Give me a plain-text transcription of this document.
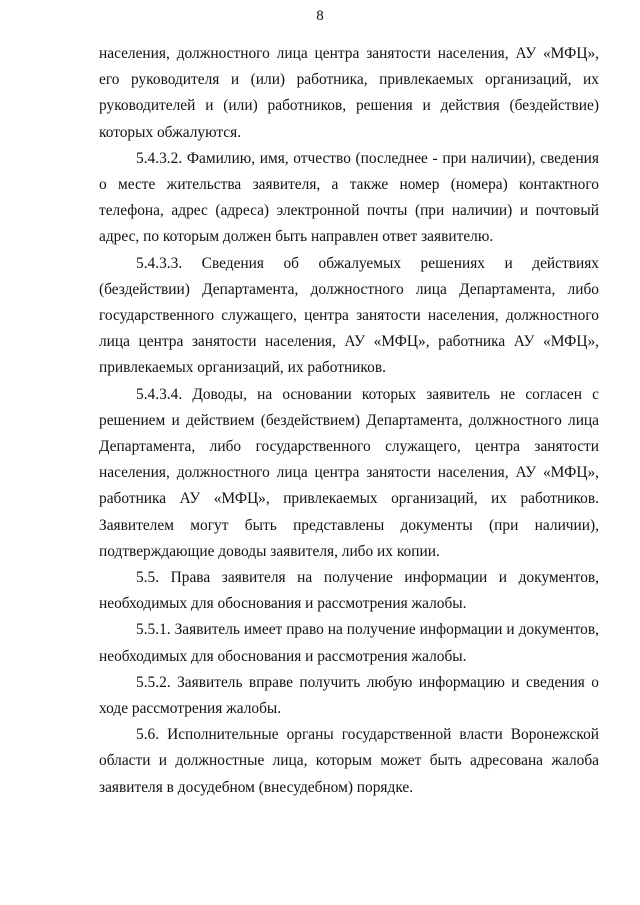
8

населения, должностного лица центра занятости населения, АУ «МФЦ», его руководителя и (или) работника, привлекаемых организаций, их руководителей и (или) работников, решения и действия (бездействие) которых обжалуются.

5.4.3.2. Фамилию, имя, отчество (последнее - при наличии), сведения о месте жительства заявителя, а также номер (номера) контактного телефона, адрес (адреса) электронной почты (при наличии) и почтовый адрес, по которым должен быть направлен ответ заявителю.

5.4.3.3. Сведения об обжалуемых решениях и действиях (бездействии) Департамента, должностного лица Департамента, либо государственного служащего, центра занятости населения, должностного лица центра занятости населения, АУ «МФЦ», работника АУ «МФЦ», привлекаемых организаций, их работников.

5.4.3.4. Доводы, на основании которых заявитель не согласен с решением и действием (бездействием) Департамента, должностного лица Департамента, либо государственного служащего, центра занятости населения, должностного лица центра занятости населения, АУ «МФЦ», работника АУ «МФЦ», привлекаемых организаций, их работников. Заявителем могут быть представлены документы (при наличии), подтверждающие доводы заявителя, либо их копии.

5.5. Права заявителя на получение информации и документов, необходимых для обоснования и рассмотрения жалобы.

5.5.1. Заявитель имеет право на получение информации и документов, необходимых для обоснования и рассмотрения жалобы.

5.5.2. Заявитель вправе получить любую информацию и сведения о ходе рассмотрения жалобы.

5.6. Исполнительные органы государственной власти Воронежской области и должностные лица, которым может быть адресована жалоба заявителя в досудебном (внесудебном) порядке.
